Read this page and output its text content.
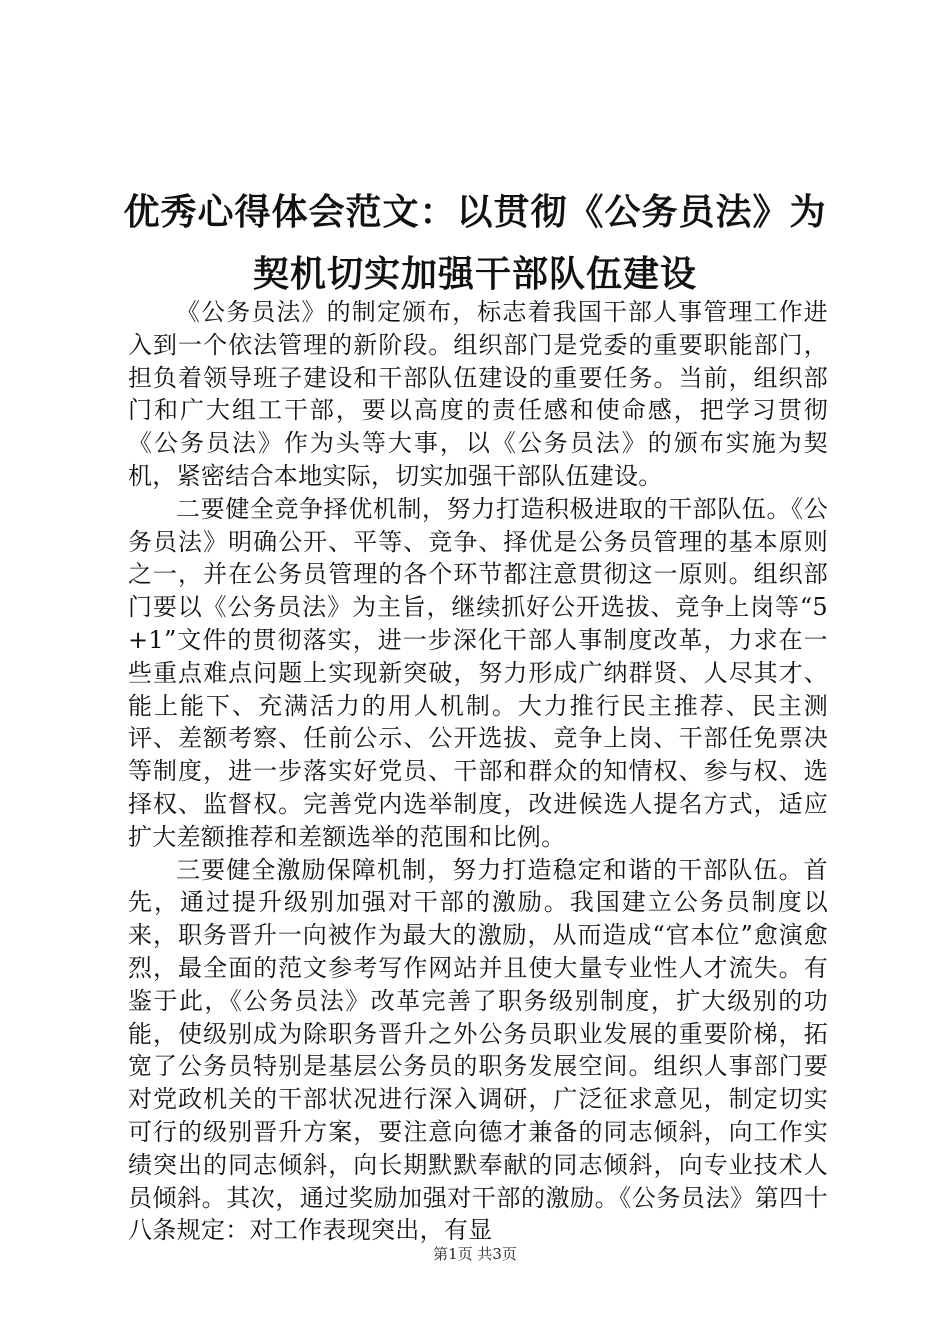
优秀心得体会范文：以贯彻《公务员法》为契机切实加强干部队伍建设

《公务员法》的制定颁布，标志着我国干部人事管理工作进入到一个依法管理的新阶段。组织部门是党委的重要职能部门，担负着领导班子建设和干部队伍建设的重要任务。当前，组织部门和广大组工干部，要以高度的责任感和使命感，把学习贯彻《公务员法》作为头等大事，以《公务员法》的颁布实施为契机，紧密结合本地实际，切实加强干部队伍建设。

二要健全竞争择优机制，努力打造积极进取的干部队伍。《公务员法》明确公开、平等、竞争、择优是公务员管理的基本原则之一，并在公务员管理的各个环节都注意贯彻这一原则。组织部门要以《公务员法》为主旨，继续抓好公开选拔、竞争上岗等“5+1”文件的贯彻落实，进一步深化干部人事制度改革，力求在一些重点难点问题上实现新突破，努力形成广纳群贤、人尽其才、能上能下、充满活力的用人机制。大力推行民主推荐、民主测评、差额考察、任前公示、公开选拔、竞争上岗、干部任免票决等制度，进一步落实好党员、干部和群众的知情权、参与权、选择权、监督权。完善党内选举制度，改进候选人提名方式，适应扩大差额推荐和差额选举的范围和比例。

三要健全激励保障机制，努力打造稳定和谐的干部队伍。首先，通过提升级别加强对干部的激励。我国建立公务员制度以来，职务晋升一向被作为最大的激励，从而造成“官本位”愈演愈烈，最全面的范文参考写作网站并且使大量专业性人才流失。有鉴于此，《公务员法》改革完善了职务级别制度，扩大级别的功能，使级别成为除职务晋升之外公务员职业发展的重要阶梯，拓宽了公务员特别是基层公务员的职务发展空间。组织人事部门要对党政机关的干部状况进行深入调研，广泛征求意见，制定切实可行的级别晋升方案，要注意向德才兼备的同志倾斜，向工作实绩突出的同志倾斜，向长期默默奉献的同志倾斜，向专业技术人员倾斜。其次，通过奖励加强对干部的激励。《公务员法》第四十八条规定：对工作表现突出，有显

第1页 共3页
